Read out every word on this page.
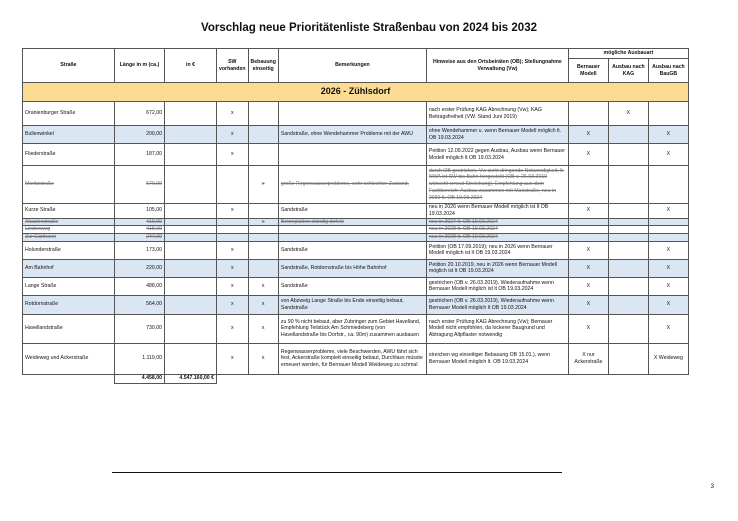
Vorschlag neue Prioritätenliste Straßenbau von 2024 bis 2032
Straße	Länge in m (ca.)	in €	SW vorhanden	Bebauung einseitig	Bemerkungen	Hinweise aus den Ortsbeiräten (OB); Stellungnahme Verwaltung (Vw)	mögliche Ausbauart		
							Bernauer Modell	Ausbau nach KAG	Ausbau nach BauGB
2026 - Zühlsdorf									
Oranienburger Straße	672,00		x			nach erster Prüfung KAG Abrechnung (Vw); KAG Beitragsfreiheit (VW. Stand Juni 2019)		X	
Bullenwinkel	200,00		x		Sandstraße, ohne Wendehammer Probleme mit der AWU	ohne Wendehammer u. wenn Bernauer Modell möglich lt. OB 19.03.2024	X		X
Fliederstraße	187,00		x			Petition 12.09.2022 gegen Ausbau, Ausbau wenn Bernauer Modell möglich lt OB 19.03.2024	X		X
Moritzstraße	670,00			x	große Regenwasserprobleme, sehr schlechter Zustand,	durch OB gestrichen, Vw sieht dringende Notwendigkeit, lt. NWA ist SW bis Bahn hergestellt (OB v. 26.03.2019 wünscht erneut Streichung). Empfehlung aus dem Fachbereich: Ausbau zusammen mit Manstraße, neu in 2030 lt. OB 19.03.2024			
Kurze Straße	105,00		x		Sandstraße	neu in 2026 wenn Bernauer Modell möglich ist lt OB 19.03.2024	X		X
Akazienstraße	419,00			x	Betonplatten ständig defekt	neu in 2027 lt. OB 19.03.2024			
Lindenweg	418,00					neu in 2028 lt. OB 19.03.2024			
Zur Gärtnerei	247,00					neu in 2028 lt. OB 19.03.2024			
Holunderstraße	173,00		x		Sandstraße	Petition (OB 17.09.2019); neu in 2026 wenn Bernauer Modell möglich ist lt OB 19.03.2024	X		X
Am Bahnhof	220,00		x		Sandstraße, Rotdornstraße bis Höhe Bahnhof	Petition 20.10.2019, neu in 2026 wenn Bernauer Modell möglich ist lt OB 19.03.2024	X		X
Lange Straße	488,00		x	x	Sandstraße	gestrichen (OB v. 26.03.2019), Wiederaufnahme wenn Bernauer Modell möglich ist lt OB 19.03.2024	X		X
Rotdornstraße	564,00		x	x	von Abzweig Lange Straße bis Ende einseitig bebaut, Sandstraße	gestrichen (OB v. 26.03.2019), Wiederaufnahme wenn Bernauer Modell möglich lt OB 19.03.2024	X		X
Havellandstraße	730,00		x	x	zu 90 % nicht bebaut, aber Zubringer zum Gebiet Havelland, Empfehlung Teilstück Am Schmiedeberg (von Havellandstraße bis Dorfstr., ca. 90m) zusammen ausbauen	nach erster Prüfung KAG Abrechnung (Vw); Bernauer Modell nicht empfohlen, da lockerer Baugrund und Abtragung Altpflaster notwendig	X		X
Weideweg und Ackerstraße	1.119,00		x	x	Regenwasserprobleme, viele Beschwerden, AWU fährt sich fest, Ackerstraße komplett einseitig bebaut, Durchlass müsste erneuert werden, für Bernauer Modell Weideweg zu schmal	streichen wg einseitiger Bebauung OB 15.01.), wenn Bernauer Modell möglich lt. OB 19.03.2024	X nur Ackerstraße		X Weideweg
	4.458,00	4.547.160,00 €							
3
